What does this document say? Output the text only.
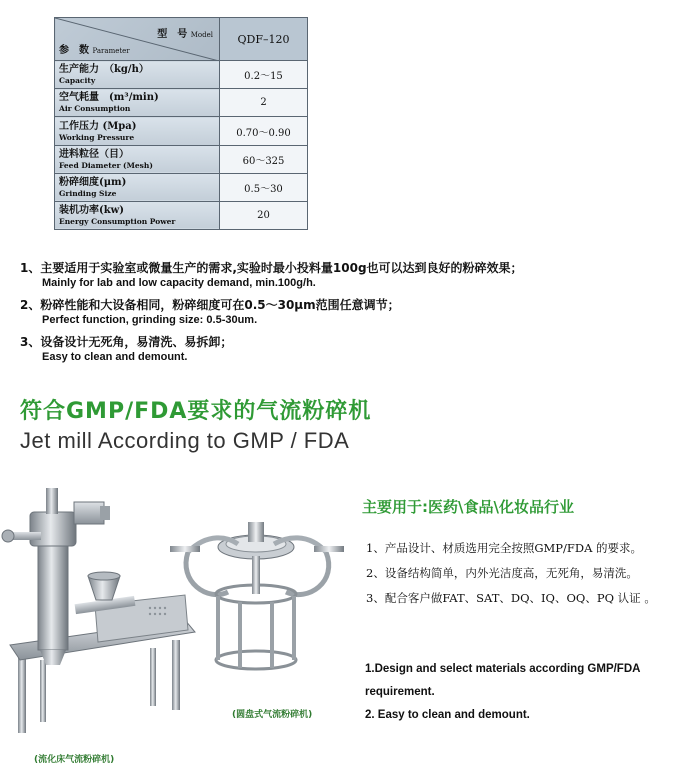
型　号 Model
参　数 Parameter	QDF–120

生产能力　（kg/h）
Capacity	0.2～15

空气耗量　(m³/min)
Air Consumption	2

工作压力 (Mpa)
Working Pressure	0.70～0.90

进料粒径（目）
Feed Diameter (Mesh)	60～325

粉碎细度(μm)
Grinding Size	0.5～30

装机功率(kw)
Energy Consumption Power	20
1、主要适用于实验室或微量生产的需求,实验时最小投料量100g也可以达到良好的粉碎效果；
Mainly for lab and low capacity demand, min.100g/h.
2、粉碎性能和大设备相同，粉碎细度可在0.5～30μm范围任意调节；
Perfect function, grinding size: 0.5-30um.
3、设备设计无死角，易清洗、易拆卸；
Easy to clean and demount.
符合GMP/FDA要求的气流粉碎机
Jet mill According to GMP / FDA
(流化床气流粉碎机)
(圆盘式气流粉碎机)
主要用于:医药\食品\化妆品行业
1、产品设计、材质选用完全按照GMP/FDA 的要求。
2、设备结构简单，内外光洁度高，无死角，易清洗。
3、配合客户做FAT、SAT、DQ、IQ、OQ、PQ 认证 。
1.Design and select materials according GMP/FDA requirement.
2. Easy to clean and demount.
